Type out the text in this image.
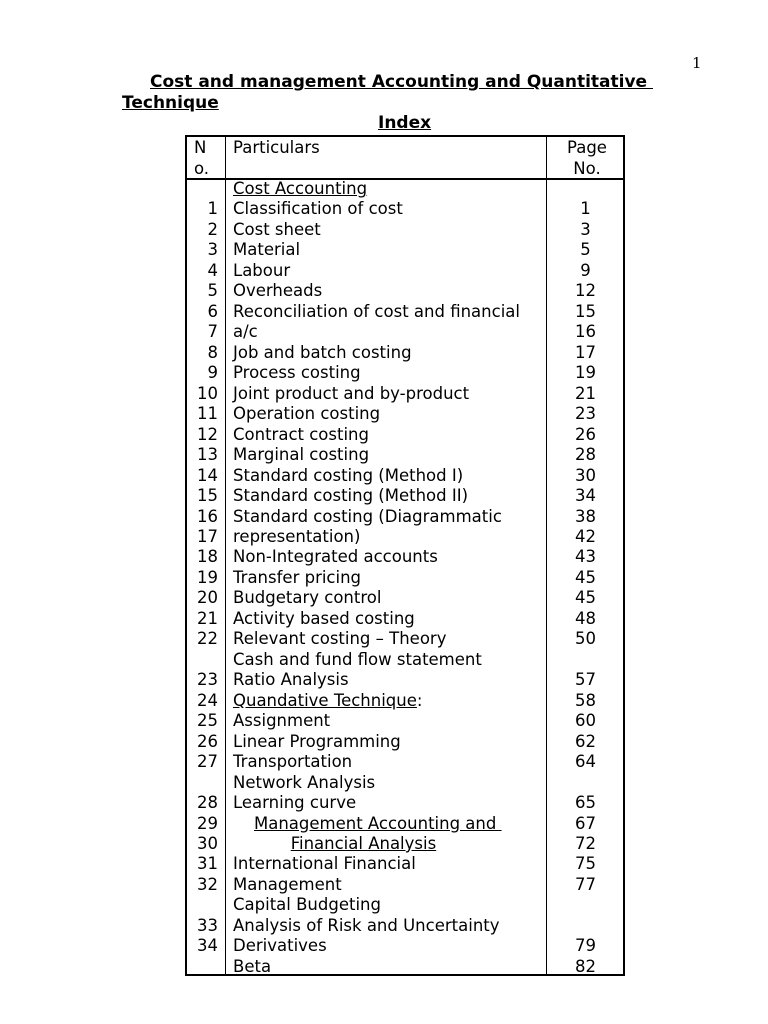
1
Cost and management Accounting and Quantitative
Technique
Index
N
o.
Particulars	Page
No.
1
2
3
4
5
6
7
8
9
10
11
12
13
14
15
16
17
18
19
20
21
22
23
24
25
26
27
28
29
30
31
32
33
34
Cost Accounting
Classification of cost
Cost sheet
Material
Labour
Overheads
Reconciliation of cost and financial
a/c
Job and batch costing
Process costing
Joint product and by-product
Operation costing
Contract costing
Marginal costing
Standard costing (Method I)
Standard costing (Method II)
Standard costing (Diagrammatic
representation)
Non-Integrated accounts
Transfer pricing
Budgetary control
Activity based costing
Relevant costing – Theory
Cash and fund flow statement
Ratio Analysis
Quandative Technique:
Assignment
Linear Programming
Transportation
Network Analysis
Learning curve
Management Accounting and
Financial Analysis
International Financial
Management
Capital Budgeting
Analysis of Risk and Uncertainty
Derivatives
Beta
1
3
5
9
12
15
16
17
19
21
23
26
28
30
34
38
42
43
45
45
48
50
57
58
60
62
64
65
67
72
75
77
79
82
